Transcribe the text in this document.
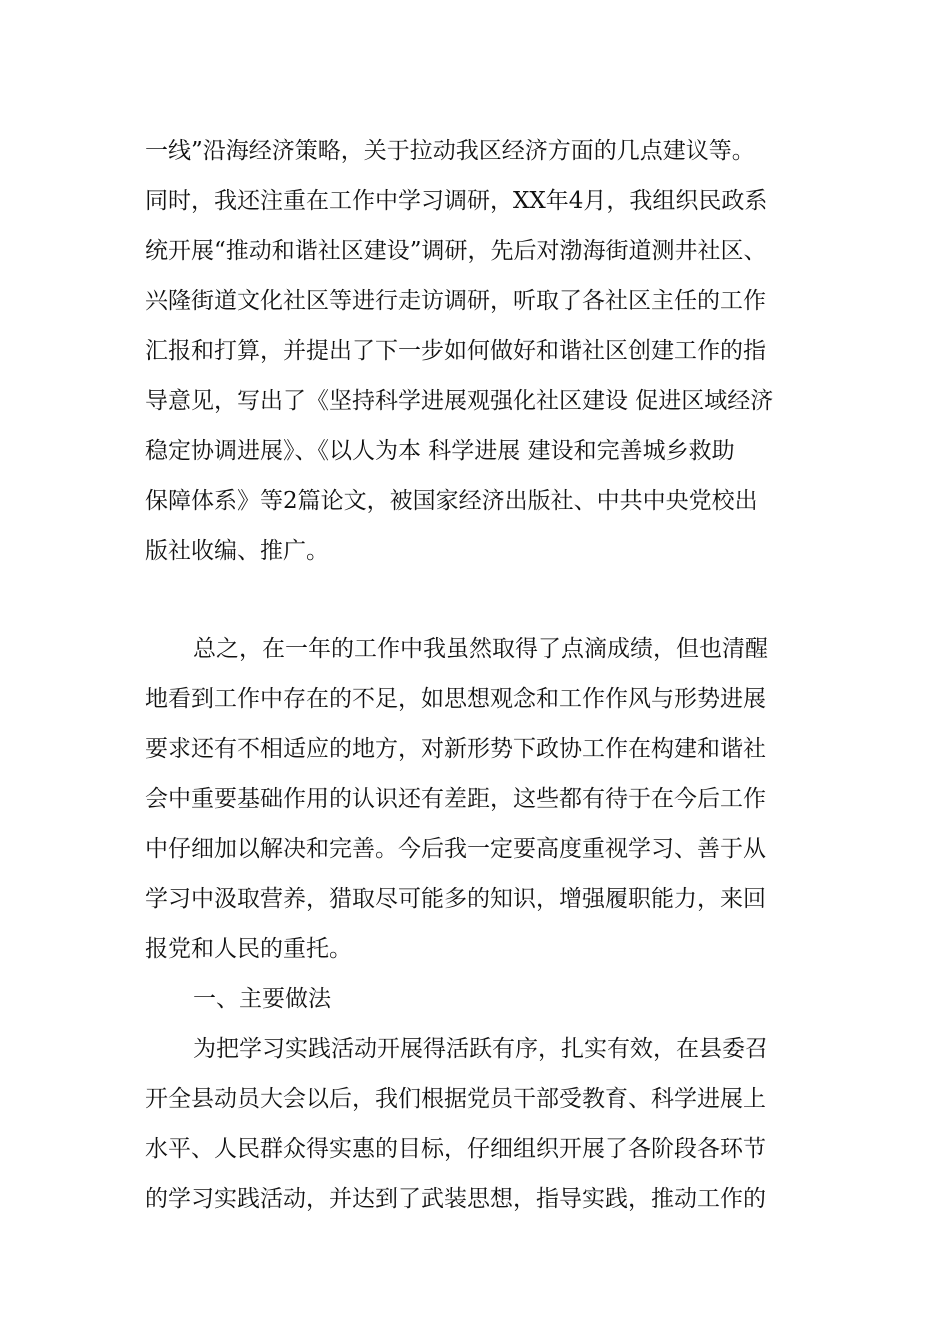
一线”沿海经济策略，关于拉动我区经济方面的几点建议等。

同时，我还注重在工作中学习调研，XX年4月，我组织民政系

统开展“推动和谐社区建设”调研，先后对渤海街道测井社区、

兴隆街道文化社区等进行走访调研，听取了各社区主任的工作

汇报和打算，并提出了下一步如何做好和谐社区创建工作的指

导意见，写出了《坚持科学进展观强化社区建设 促进区域经济

稳定协调进展》、《以人为本 科学进展 建设和完善城乡救助

保障体系》等2篇论文，被国家经济出版社、中共中央党校出

版社收编、推广。

总之，在一年的工作中我虽然取得了点滴成绩，但也清醒

地看到工作中存在的不足，如思想观念和工作作风与形势进展

要求还有不相适应的地方，对新形势下政协工作在构建和谐社

会中重要基础作用的认识还有差距，这些都有待于在今后工作

中仔细加以解决和完善。今后我一定要高度重视学习、善于从

学习中汲取营养，猎取尽可能多的知识，增强履职能力，来回

报党和人民的重托。

一、主要做法

为把学习实践活动开展得活跃有序，扎实有效，在县委召

开全县动员大会以后，我们根据党员干部受教育、科学进展上

水平、人民群众得实惠的目标，仔细组织开展了各阶段各环节

的学习实践活动，并达到了武装思想，指导实践，推动工作的
